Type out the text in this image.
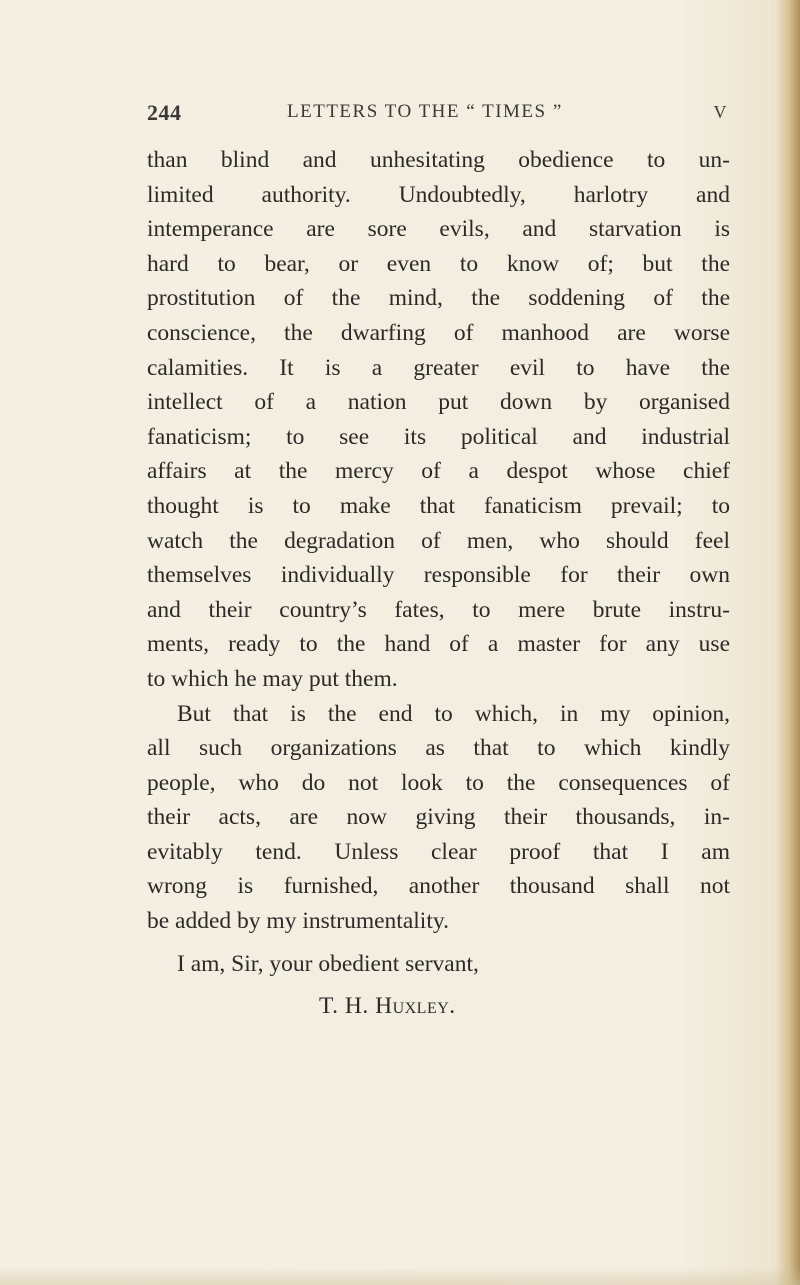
244	LETTERS TO THE “ TIMES ”	V
than blind and unhesitating obedience to un-
limited authority. Undoubtedly, harlotry and
intemperance are sore evils, and starvation is
hard to bear, or even to know of; but the
prostitution of the mind, the soddening of the
conscience, the dwarfing of manhood are worse
calamities. It is a greater evil to have the
intellect of a nation put down by organised
fanaticism; to see its political and industrial
affairs at the mercy of a despot whose chief
thought is to make that fanaticism prevail; to
watch the degradation of men, who should feel
themselves individually responsible for their own
and their country’s fates, to mere brute instru-
ments, ready to the hand of a master for any use
to which he may put them.
But that is the end to which, in my opinion,
all such organizations as that to which kindly
people, who do not look to the consequences of
their acts, are now giving their thousands, in-
evitably tend. Unless clear proof that I am
wrong is furnished, another thousand shall not
be added by my instrumentality.
I am, Sir, your obedient servant,
T. H. Huxley.
